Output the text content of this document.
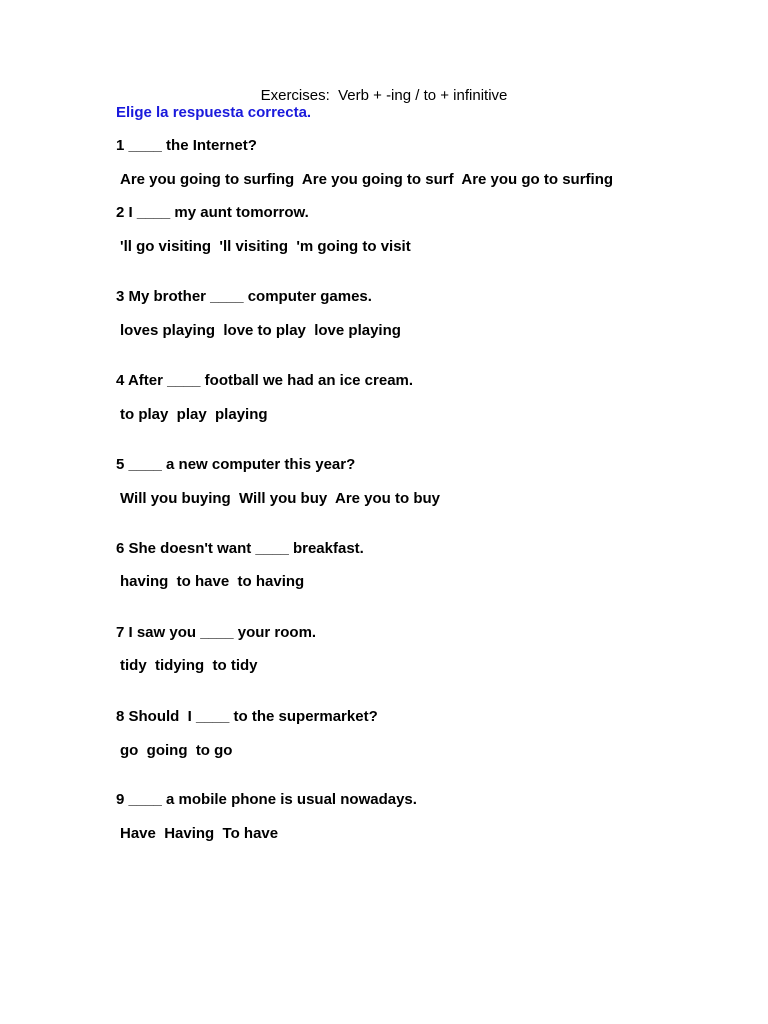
Exercises:  Verb + -ing / to + infinitive
Elige la respuesta correcta.
1 ____ the Internet?
Are you going to surfing  Are you going to surf  Are you go to surfing
2 I ____ my aunt tomorrow.
'll go visiting  'll visiting  'm going to visit
3 My brother ____ computer games.
loves playing  love to play  love playing
4 After ____ football we had an ice cream.
to play  play  playing
5 ____ a new computer this year?
Will you buying  Will you buy  Are you to buy
6 She doesn't want ____ breakfast.
having  to have  to having
7 I saw you ____ your room.
tidy  tidying  to tidy
8 Should  I ____ to the supermarket?
go  going  to go
9 ____ a mobile phone is usual nowadays.
Have  Having  To have
